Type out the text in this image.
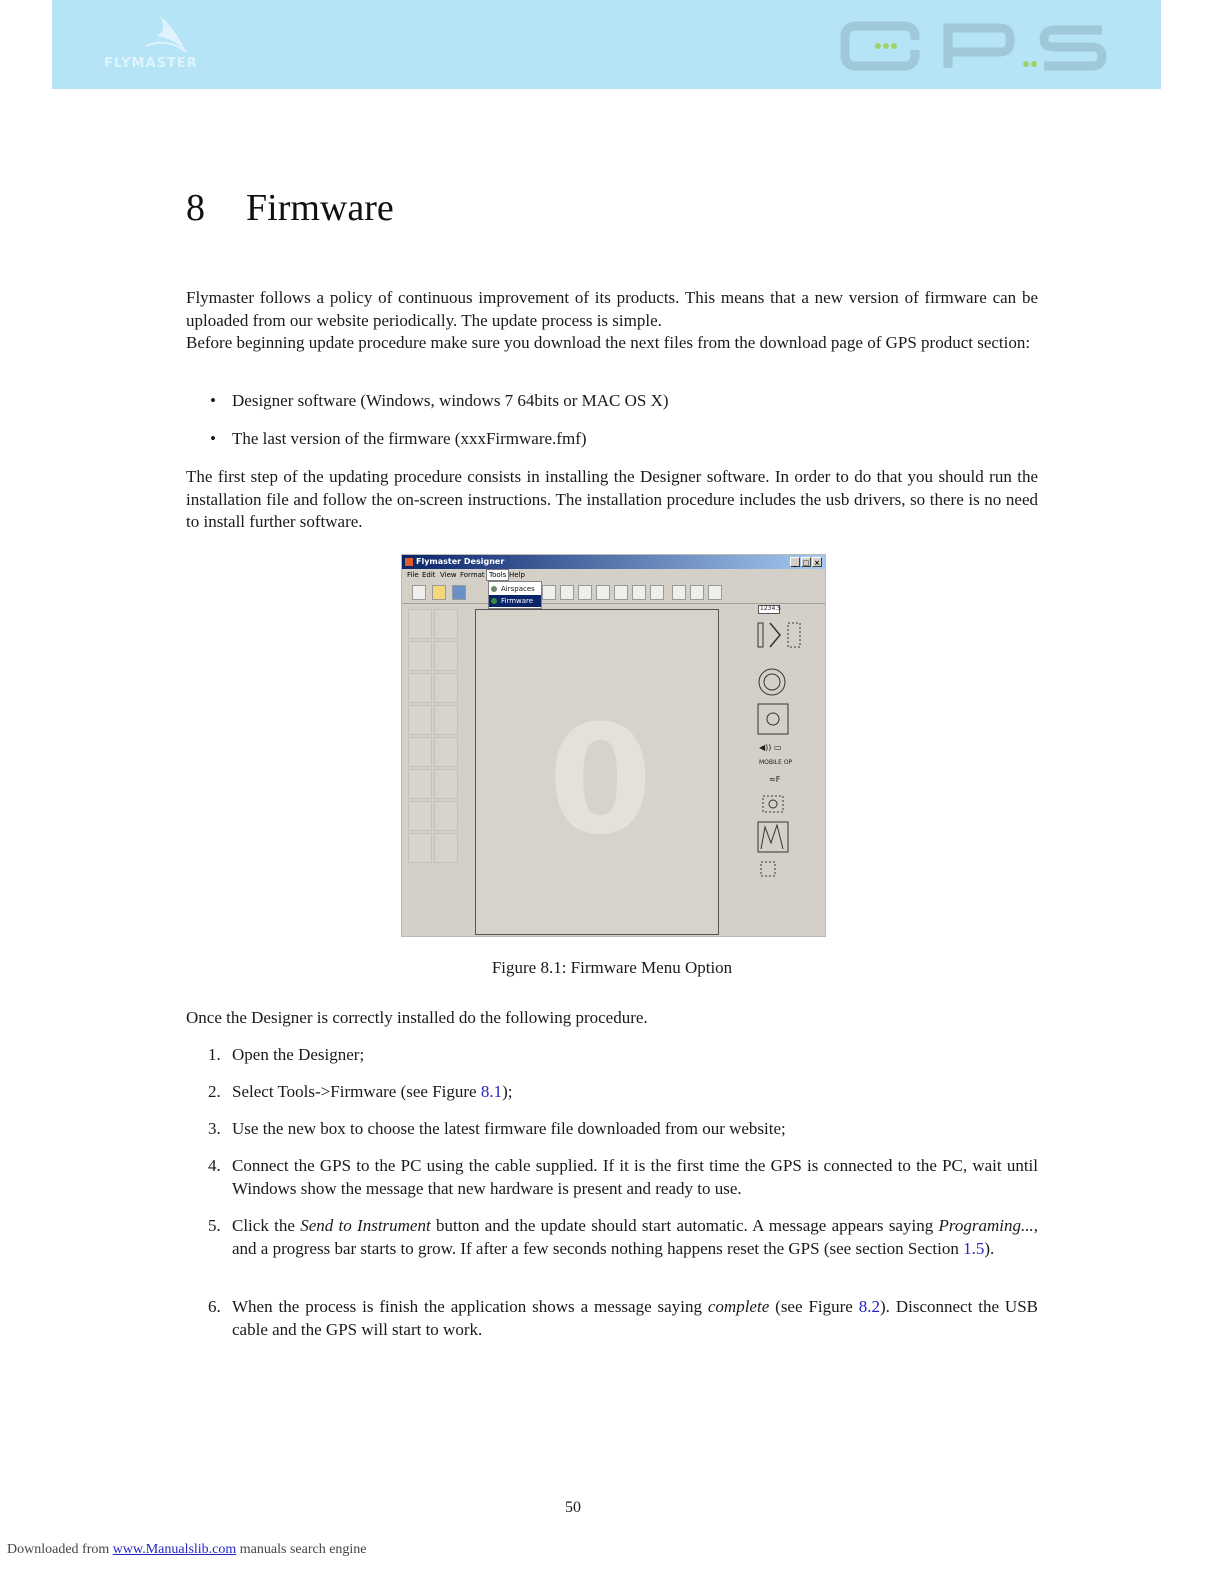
FLYMASTER
8 Firmware

Flymaster follows a policy of continuous improvement of its products. This means that a new version of firmware can be uploaded from our website periodically. The update process is simple.

Before beginning update procedure make sure you download the next files from the download page of GPS product section:

• Designer software (Windows, windows 7 64bits or MAC OS X)
• The last version of the firmware (xxxFirmware.fmf)

The first step of the updating procedure consists in installing the Designer software. In order to do that you should run the installation file and follow the on-screen instructions. The installation procedure includes the usb drivers, so there is no need to install further software.

Flymaster Designer	_ □ ×
File Edit View Format Tools Help
Airspaces
Firmware
0
1234.5
◀)) ▭
MOBILE OP
≈F
Figure 8.1: Firmware Menu Option

Once the Designer is correctly installed do the following procedure.

1. Open the Designer;
2. Select Tools->Firmware (see Figure 8.1);
3. Use the new box to choose the latest firmware file downloaded from our website;
4. Connect the GPS to the PC using the cable supplied. If it is the first time the GPS is connected to the PC, wait until Windows show the message that new hardware is present and ready to use.
5. Click the Send to Instrument button and the update should start automatic. A message appears saying Programing..., and a progress bar starts to grow. If after a few seconds nothing happens reset the GPS (see section Section 1.5).
6. When the process is finish the application shows a message saying complete (see Figure 8.2). Disconnect the USB cable and the GPS will start to work.
50
Downloaded from www.Manualslib.com manuals search engine
